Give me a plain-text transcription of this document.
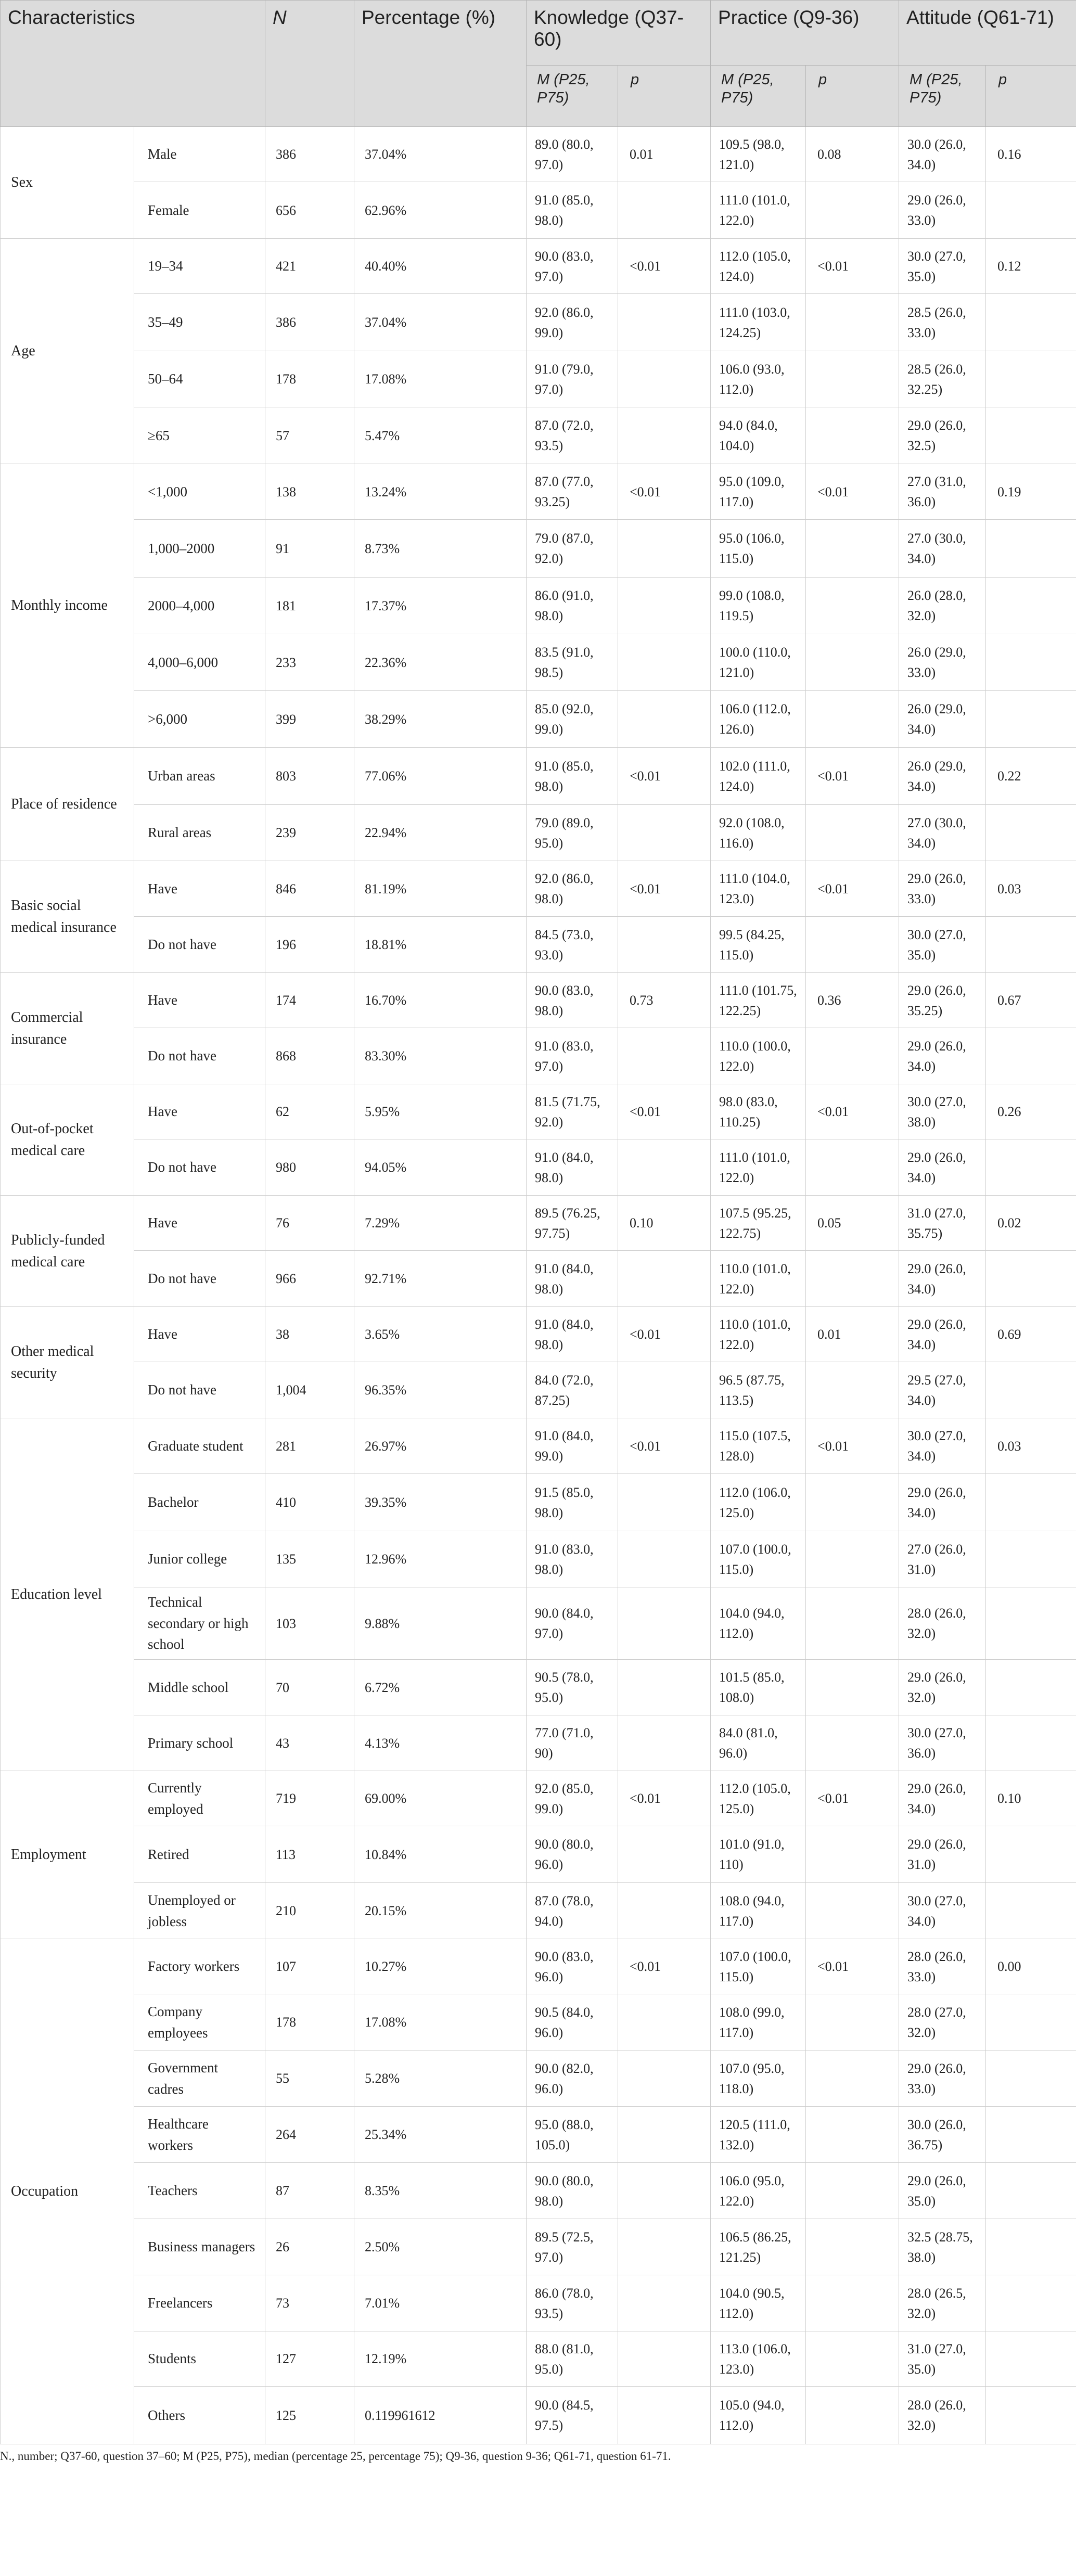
Characteristics		N	Percentage (%)	Knowledge (Q37-60)		Practice (Q9-36)		Attitude (Q61-71)	
				M (P25, P75)	p	M (P25, P75)	p	M (P25, P75)	p
Sex	Male	386	37.04%	89.0 (80.0, 97.0)	0.01	109.5 (98.0, 121.0)	0.08	30.0 (26.0, 34.0)	0.16
	Female	656	62.96%	91.0 (85.0, 98.0)		111.0 (101.0, 122.0)		29.0 (26.0, 33.0)	
Age	19–34	421	40.40%	90.0 (83.0, 97.0)	<0.01	112.0 (105.0, 124.0)	<0.01	30.0 (27.0, 35.0)	0.12
	35–49	386	37.04%	92.0 (86.0, 99.0)		111.0 (103.0, 124.25)		28.5 (26.0, 33.0)	
	50–64	178	17.08%	91.0 (79.0, 97.0)		106.0 (93.0, 112.0)		28.5 (26.0, 32.25)	
	≥65	57	5.47%	87.0 (72.0, 93.5)		94.0 (84.0, 104.0)		29.0 (26.0, 32.5)	
Monthly income	<1,000	138	13.24%	87.0 (77.0, 93.25)	<0.01	95.0 (109.0, 117.0)	<0.01	27.0 (31.0, 36.0)	0.19
	1,000–2000	91	8.73%	79.0 (87.0, 92.0)		95.0 (106.0, 115.0)		27.0 (30.0, 34.0)	
	2000–4,000	181	17.37%	86.0 (91.0, 98.0)		99.0 (108.0, 119.5)		26.0 (28.0, 32.0)	
	4,000–6,000	233	22.36%	83.5 (91.0, 98.5)		100.0 (110.0, 121.0)		26.0 (29.0, 33.0)	
	>6,000	399	38.29%	85.0 (92.0, 99.0)		106.0 (112.0, 126.0)		26.0 (29.0, 34.0)	
Place of residence	Urban areas	803	77.06%	91.0 (85.0, 98.0)	<0.01	102.0 (111.0, 124.0)	<0.01	26.0 (29.0, 34.0)	0.22
	Rural areas	239	22.94%	79.0 (89.0, 95.0)		92.0 (108.0, 116.0)		27.0 (30.0, 34.0)	
Basic social medical insurance	Have	846	81.19%	92.0 (86.0, 98.0)	<0.01	111.0 (104.0, 123.0)	<0.01	29.0 (26.0, 33.0)	0.03
	Do not have	196	18.81%	84.5 (73.0, 93.0)		99.5 (84.25, 115.0)		30.0 (27.0, 35.0)	
Commercial insurance	Have	174	16.70%	90.0 (83.0, 98.0)	0.73	111.0 (101.75, 122.25)	0.36	29.0 (26.0, 35.25)	0.67
	Do not have	868	83.30%	91.0 (83.0, 97.0)		110.0 (100.0, 122.0)		29.0 (26.0, 34.0)	
Out-of-pocket medical care	Have	62	5.95%	81.5 (71.75, 92.0)	<0.01	98.0 (83.0, 110.25)	<0.01	30.0 (27.0, 38.0)	0.26
	Do not have	980	94.05%	91.0 (84.0, 98.0)		111.0 (101.0, 122.0)		29.0 (26.0, 34.0)	
Publicly-funded medical care	Have	76	7.29%	89.5 (76.25, 97.75)	0.10	107.5 (95.25, 122.75)	0.05	31.0 (27.0, 35.75)	0.02
	Do not have	966	92.71%	91.0 (84.0, 98.0)		110.0 (101.0, 122.0)		29.0 (26.0, 34.0)	
Other medical security	Have	38	3.65%	91.0 (84.0, 98.0)	<0.01	110.0 (101.0, 122.0)	0.01	29.0 (26.0, 34.0)	0.69
	Do not have	1,004	96.35%	84.0 (72.0, 87.25)		96.5 (87.75, 113.5)		29.5 (27.0, 34.0)	
Education level	Graduate student	281	26.97%	91.0 (84.0, 99.0)	<0.01	115.0 (107.5, 128.0)	<0.01	30.0 (27.0, 34.0)	0.03
	Bachelor	410	39.35%	91.5 (85.0, 98.0)		112.0 (106.0, 125.0)		29.0 (26.0, 34.0)	
	Junior college	135	12.96%	91.0 (83.0, 98.0)		107.0 (100.0, 115.0)		27.0 (26.0, 31.0)	
	Technical secondary or high school	103	9.88%	90.0 (84.0, 97.0)		104.0 (94.0, 112.0)		28.0 (26.0, 32.0)	
	Middle school	70	6.72%	90.5 (78.0, 95.0)		101.5 (85.0, 108.0)		29.0 (26.0, 32.0)	
	Primary school	43	4.13%	77.0 (71.0, 90)		84.0 (81.0, 96.0)		30.0 (27.0, 36.0)	
Employment	Currently employed	719	69.00%	92.0 (85.0, 99.0)	<0.01	112.0 (105.0, 125.0)	<0.01	29.0 (26.0, 34.0)	0.10
	Retired	113	10.84%	90.0 (80.0, 96.0)		101.0 (91.0, 110)		29.0 (26.0, 31.0)	
	Unemployed or jobless	210	20.15%	87.0 (78.0, 94.0)		108.0 (94.0, 117.0)		30.0 (27.0, 34.0)	
Occupation	Factory workers	107	10.27%	90.0 (83.0, 96.0)	<0.01	107.0 (100.0, 115.0)	<0.01	28.0 (26.0, 33.0)	0.00
	Company employees	178	17.08%	90.5 (84.0, 96.0)		108.0 (99.0, 117.0)		28.0 (27.0, 32.0)	
	Government cadres	55	5.28%	90.0 (82.0, 96.0)		107.0 (95.0, 118.0)		29.0 (26.0, 33.0)	
	Healthcare workers	264	25.34%	95.0 (88.0, 105.0)		120.5 (111.0, 132.0)		30.0 (26.0, 36.75)	
	Teachers	87	8.35%	90.0 (80.0, 98.0)		106.0 (95.0, 122.0)		29.0 (26.0, 35.0)	
	Business managers	26	2.50%	89.5 (72.5, 97.0)		106.5 (86.25, 121.25)		32.5 (28.75, 38.0)	
	Freelancers	73	7.01%	86.0 (78.0, 93.5)		104.0 (90.5, 112.0)		28.0 (26.5, 32.0)	
	Students	127	12.19%	88.0 (81.0, 95.0)		113.0 (106.0, 123.0)		31.0 (27.0, 35.0)	
	Others	125	0.119961612	90.0 (84.5, 97.5)		105.0 (94.0, 112.0)		28.0 (26.0, 32.0)	
N., number; Q37-60, question 37–60; M (P25, P75), median (percentage 25, percentage 75); Q9-36, question 9-36; Q61-71, question 61-71.
